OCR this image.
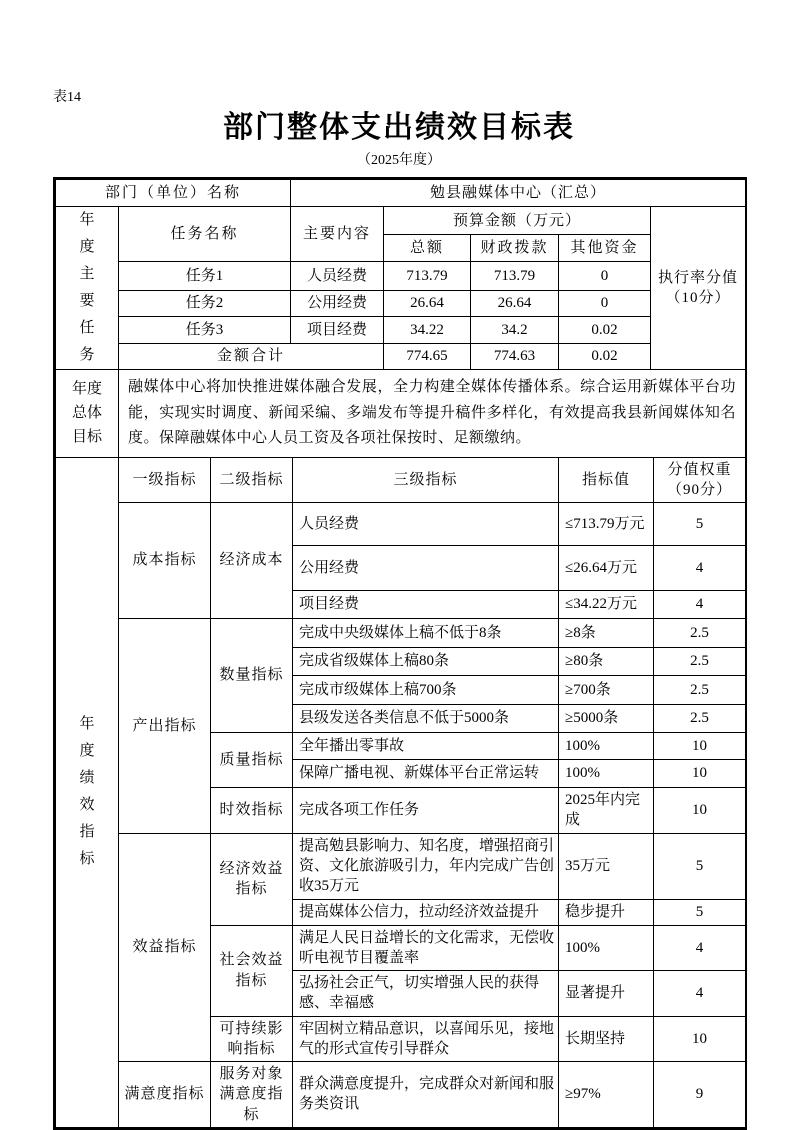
表14
部门整体支出绩效目标表
（2025年度）
部门（单位）名称		勉县融媒体中心（汇总）				
年度主要任务	任务名称	主要内容	预算金额（万元）			执行率分值（10分）
			总额	财政拨款	其他资金	
	任务1	人员经费	713.79	713.79	0	
	任务2	公用经费	26.64	26.64	0	
	任务3	项目经费	34.22	34.2	0.02	
	金额合计		774.65	774.63	0.02	
年度总体目标	融媒体中心将加快推进媒体融合发展，全力构建全媒体传播体系。综合运用新媒体平台功能，实现实时调度、新闻采编、多端发布等提升稿件多样化，有效提高我县新闻媒体知名度。保障融媒体中心人员工资及各项社保按时、足额缴纳。
年度绩效指标	一级指标	二级指标	三级指标	指标值	分值权重（90分）
	成本指标	经济成本	人员经费	≤713.79万元	5
			公用经费	≤26.64万元	4
			项目经费	≤34.22万元	4
	产出指标	数量指标	完成中央级媒体上稿不低于8条	≥8条	2.5
			完成省级媒体上稿80条	≥80条	2.5
			完成市级媒体上稿700条	≥700条	2.5
			县级发送各类信息不低于5000条	≥5000条	2.5
		质量指标	全年播出零事故	100%	10
			保障广播电视、新媒体平台正常运转	100%	10
		时效指标	完成各项工作任务	2025年内完成	10
	效益指标	经济效益指标	提高勉县影响力、知名度，增强招商引资、文化旅游吸引力，年内完成广告创收35万元	35万元	5
			提高媒体公信力，拉动经济效益提升	稳步提升	5
		社会效益指标	满足人民日益增长的文化需求，无偿收听电视节目覆盖率	100%	4
			弘扬社会正气，切实增强人民的获得感、幸福感	显著提升	4
		可持续影响指标	牢固树立精品意识，以喜闻乐见，接地气的形式宣传引导群众	长期坚持	10
	满意度指标	服务对象满意度指标	群众满意度提升，完成群众对新闻和服务类资讯	≥97%	9
